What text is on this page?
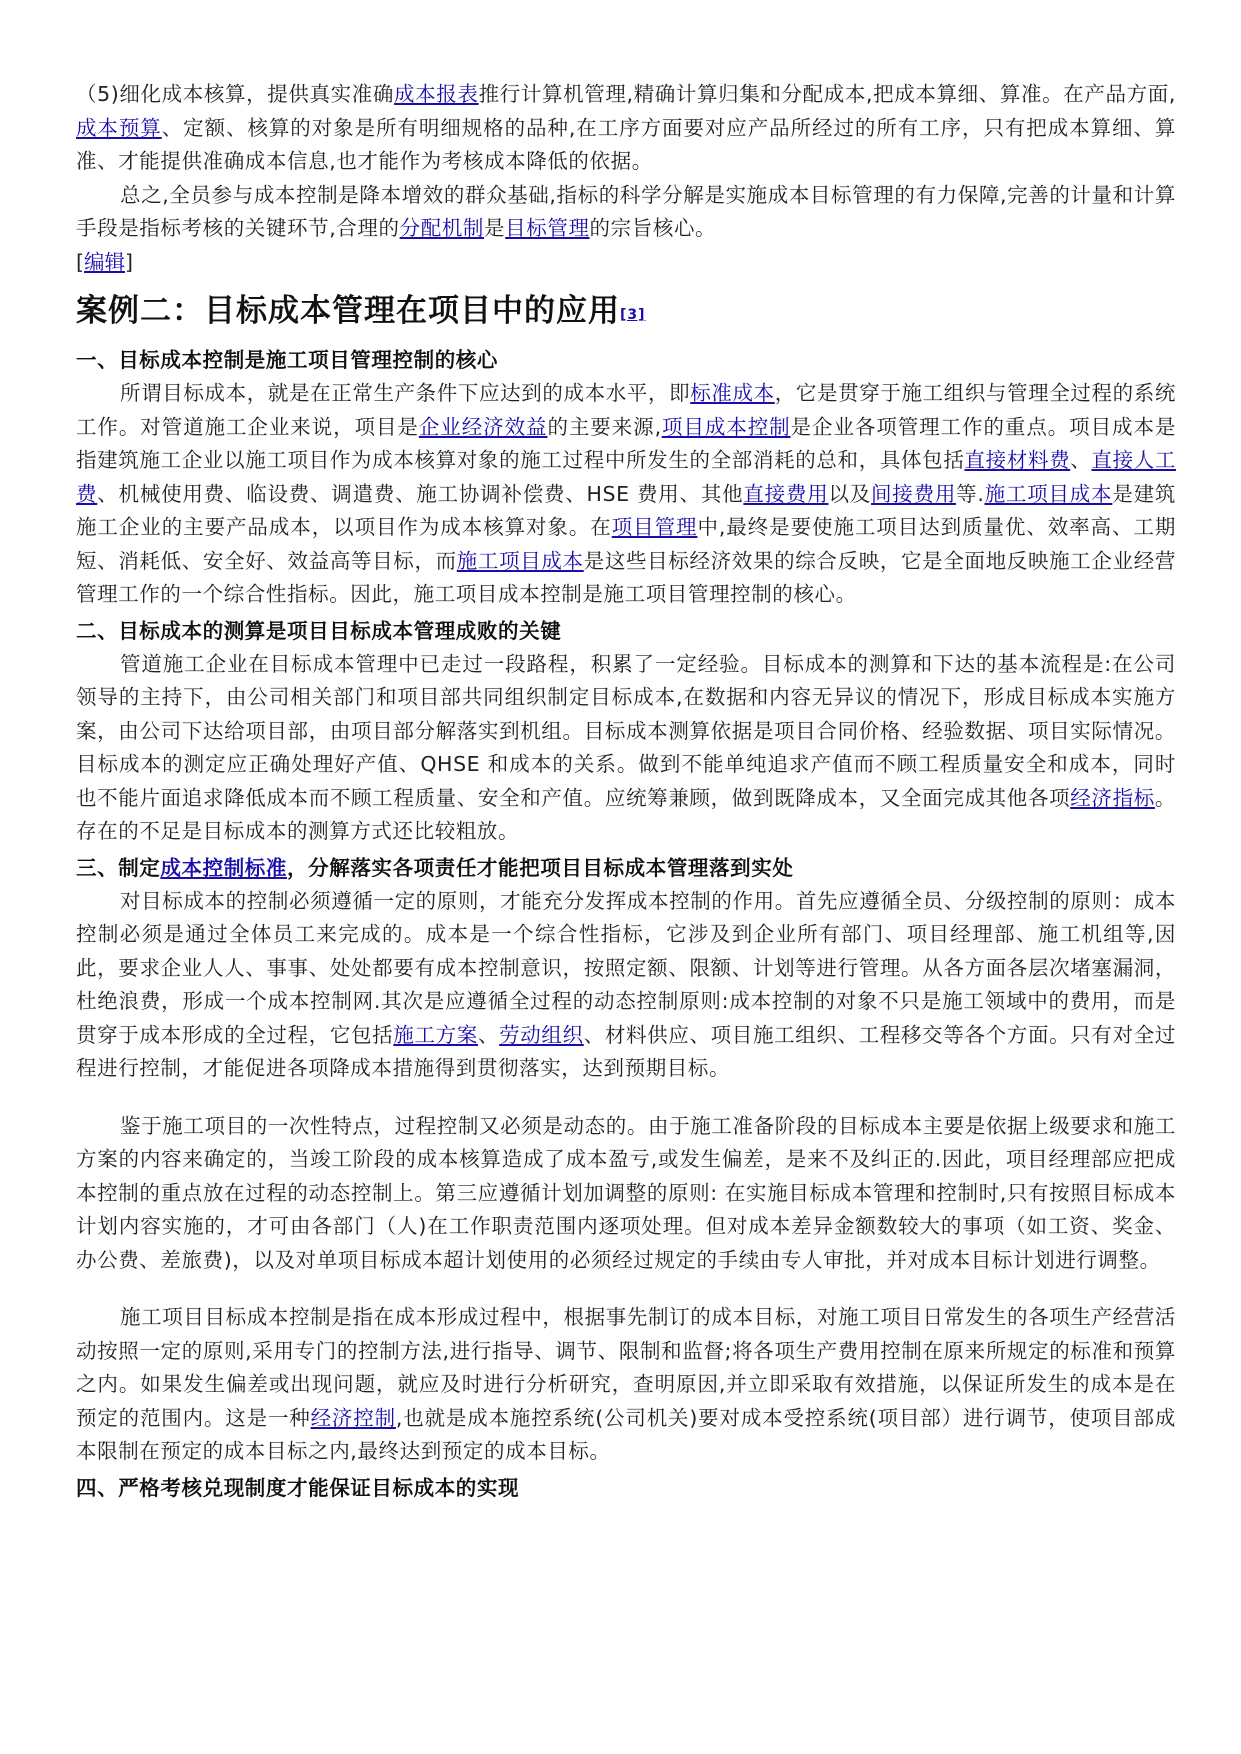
（5)细化成本核算，提供真实准确成本报表推行计算机管理,精确计算归集和分配成本,把成本算细、算准。在产品方面,成本预算、定额、核算的对象是所有明细规格的品种,在工序方面要对应产品所经过的所有工序，只有把成本算细、算准、才能提供准确成本信息,也才能作为考核成本降低的依据。

总之,全员参与成本控制是降本增效的群众基础,指标的科学分解是实施成本目标管理的有力保障,完善的计量和计算手段是指标考核的关键环节,合理的分配机制是目标管理的宗旨核心。

[编辑]
案例二：目标成本管理在项目中的应用[3]
一、目标成本控制是施工项目管理控制的核心

所谓目标成本，就是在正常生产条件下应达到的成本水平，即标准成本，它是贯穿于施工组织与管理全过程的系统工作。对管道施工企业来说，项目是企业经济效益的主要来源,项目成本控制是企业各项管理工作的重点。项目成本是指建筑施工企业以施工项目作为成本核算对象的施工过程中所发生的全部消耗的总和，具体包括直接材料费、直接人工费、机械使用费、临设费、调遣费、施工协调补偿费、HSE 费用、其他直接费用以及间接费用等.施工项目成本是建筑施工企业的主要产品成本，以项目作为成本核算对象。在项目管理中,最终是要使施工项目达到质量优、效率高、工期短、消耗低、安全好、效益高等目标，而施工项目成本是这些目标经济效果的综合反映，它是全面地反映施工企业经营管理工作的一个综合性指标。因此，施工项目成本控制是施工项目管理控制的核心。

二、目标成本的测算是项目目标成本管理成败的关键

管道施工企业在目标成本管理中已走过一段路程，积累了一定经验。目标成本的测算和下达的基本流程是:在公司领导的主持下，由公司相关部门和项目部共同组织制定目标成本,在数据和内容无异议的情况下，形成目标成本实施方案，由公司下达给项目部，由项目部分解落实到机组。目标成本测算依据是项目合同价格、经验数据、项目实际情况。目标成本的测定应正确处理好产值、QHSE 和成本的关系。做到不能单纯追求产值而不顾工程质量安全和成本，同时也不能片面追求降低成本而不顾工程质量、安全和产值。应统筹兼顾，做到既降成本，又全面完成其他各项经济指标。存在的不足是目标成本的测算方式还比较粗放。

三、制定成本控制标准，分解落实各项责任才能把项目目标成本管理落到实处

对目标成本的控制必须遵循一定的原则，才能充分发挥成本控制的作用。首先应遵循全员、分级控制的原则：成本控制必须是通过全体员工来完成的。成本是一个综合性指标，它涉及到企业所有部门、项目经理部、施工机组等,因此，要求企业人人、事事、处处都要有成本控制意识，按照定额、限额、计划等进行管理。从各方面各层次堵塞漏洞，杜绝浪费，形成一个成本控制网.其次是应遵循全过程的动态控制原则:成本控制的对象不只是施工领域中的费用，而是贯穿于成本形成的全过程，它包括施工方案、劳动组织、材料供应、项目施工组织、工程移交等各个方面。只有对全过程进行控制，才能促进各项降成本措施得到贯彻落实，达到预期目标。

鉴于施工项目的一次性特点，过程控制又必须是动态的。由于施工准备阶段的目标成本主要是依据上级要求和施工方案的内容来确定的，当竣工阶段的成本核算造成了成本盈亏,或发生偏差，是来不及纠正的.因此，项目经理部应把成本控制的重点放在过程的动态控制上。第三应遵循计划加调整的原则: 在实施目标成本管理和控制时,只有按照目标成本计划内容实施的，才可由各部门（人)在工作职责范围内逐项处理。但对成本差异金额数较大的事项（如工资、奖金、办公费、差旅费)，以及对单项目标成本超计划使用的必须经过规定的手续由专人审批，并对成本目标计划进行调整。

施工项目目标成本控制是指在成本形成过程中，根据事先制订的成本目标，对施工项目日常发生的各项生产经营活动按照一定的原则,采用专门的控制方法,进行指导、调节、限制和监督;将各项生产费用控制在原来所规定的标准和预算之内。如果发生偏差或出现问题，就应及时进行分析研究，查明原因,并立即采取有效措施，以保证所发生的成本是在预定的范围内。这是一种经济控制,也就是成本施控系统(公司机关)要对成本受控系统(项目部）进行调节，使项目部成本限制在预定的成本目标之内,最终达到预定的成本目标。

四、严格考核兑现制度才能保证目标成本的实现
